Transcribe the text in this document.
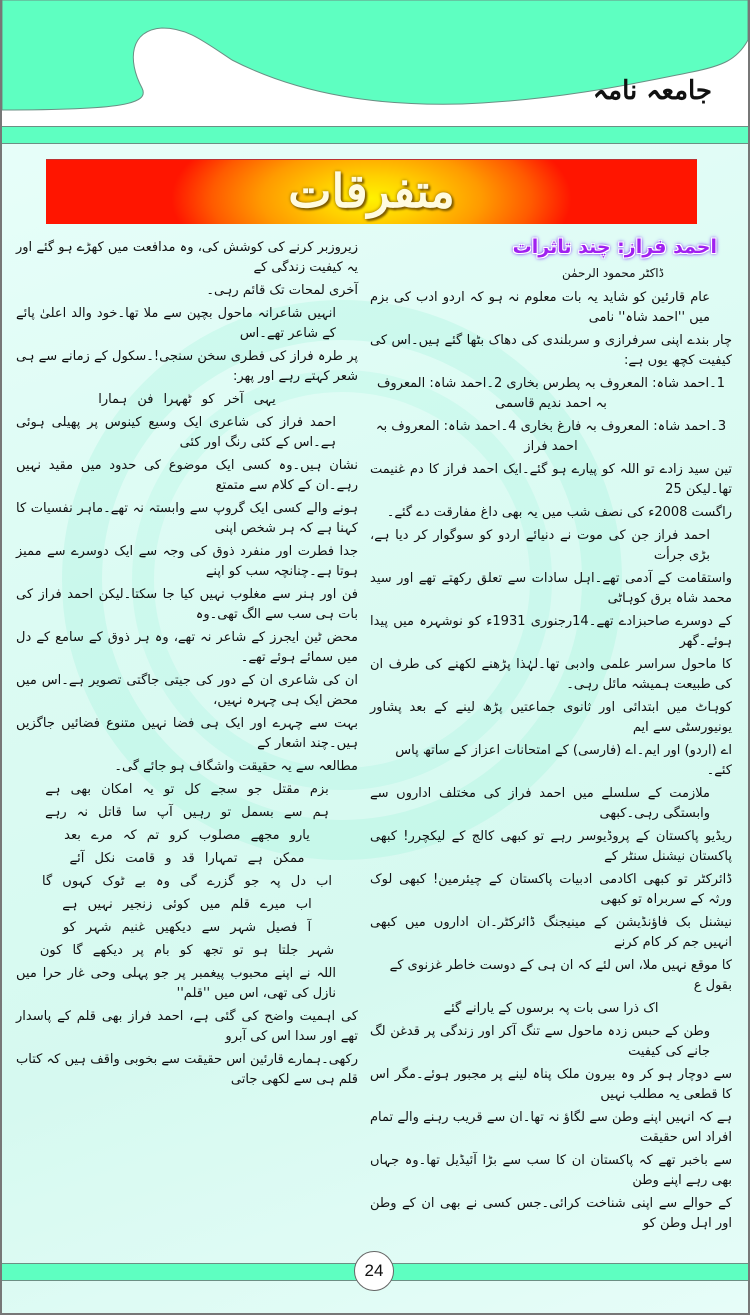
جامعہ نامہ
متفرقات
احمد فراز: چند تاثرات
ڈاکٹر محمود الرحمٰن
عام قارئین کو شاید یہ بات معلوم نہ ہو کہ اردو ادب کی بزم میں ''احمد شاہ'' نامی
چار بندے اپنی سرفرازی و سربلندی کی دھاک بٹھا گئے ہیں۔اس کی کیفیت کچھ یوں ہے:
1۔احمد شاہ: المعروف بہ پطرس بخاری 2۔احمد شاہ: المعروف بہ احمد ندیم قاسمی
3۔احمد شاہ: المعروف بہ فارغ بخاری 4۔احمد شاہ: المعروف بہ احمد فراز
تین سید زادے تو اللہ کو پیارے ہو گئے۔ایک احمد فراز کا دم غنیمت تھا۔لیکن 25
راگست 2008ء کی نصف شب میں یہ بھی داغ مفارقت دے گئے۔
احمد فراز جن کی موت نے دنیائے اردو کو سوگوار کر دیا ہے، بڑی جرأت
واستقامت کے آدمی تھے۔اہل سادات سے تعلق رکھتے تھے اور سید محمد شاہ برق کوہاٹی
کے دوسرے صاحبزادے تھے۔14رجنوری 1931ء کو نوشہرہ میں پیدا ہوئے۔گھر
کا ماحول سراسر علمی وادبی تھا۔لہٰذا پڑھنے لکھنے کی طرف ان کی طبیعت ہمیشہ مائل رہی۔
کوہاٹ میں ابتدائی اور ثانوی جماعتیں پڑھ لینے کے بعد پشاور یونیورسٹی سے ایم
اے (اردو) اور ایم۔اے (فارسی) کے امتحانات اعزاز کے ساتھ پاس کئے۔
ملازمت کے سلسلے میں احمد فراز کی مختلف اداروں سے وابستگی رہی۔کبھی
ریڈیو پاکستان کے پروڈیوسر رہے تو کبھی کالج کے لیکچرر! کبھی پاکستان نیشنل سنٹر کے
ڈائرکٹر تو کبھی اکادمی ادبیات پاکستان کے چیئرمین! کبھی لوک ورثہ کے سربراہ تو کبھی
نیشنل بک فاؤنڈیشن کے مینیجنگ ڈائرکٹر۔ان اداروں میں کبھی انہیں جم کر کام کرنے
کا موقع نہیں ملا، اس لئے کہ ان ہی کے دوست خاطر غزنوی کے بقول ع
اک ذرا سی بات پہ برسوں کے یارانے گئے
وطن کے حبس زدہ ماحول سے تنگ آکر اور زندگی پر قدغن لگ جانے کی کیفیت
سے دوچار ہو کر وہ بیرون ملک پناہ لینے پر مجبور ہوئے۔مگر اس کا قطعی یہ مطلب نہیں
ہے کہ انہیں اپنے وطن سے لگاؤ نہ تھا۔ان سے قریب رہنے والے تمام افراد اس حقیقت
سے باخبر تھے کہ پاکستان ان کا سب سے بڑا آئیڈیل تھا۔وہ جہاں بھی رہے اپنے وطن
کے حوالے سے اپنی شناخت کرائی۔جس کسی نے بھی ان کے وطن اور اہل وطن کو
زیروزبر کرنے کی کوشش کی، وہ مدافعت میں کھڑے ہو گئے اور یہ کیفیت زندگی کے
آخری لمحات تک قائم رہی۔
انہیں شاعرانہ ماحول بچپن سے ملا تھا۔خود والد اعلیٰ پائے کے شاعر تھے۔اس
پر طرہ فراز کی فطری سخن سنجی!۔سکول کے زمانے سے ہی شعر کہتے رہے اور پھر:
یہی آخر کو ٹھہرا فن ہمارا
احمد فراز کی شاعری ایک وسیع کینوس پر پھیلی ہوئی ہے۔اس کے کئی رنگ اور کئی
نشان ہیں۔وہ کسی ایک موضوع کی حدود میں مقید نہیں رہے۔ان کے کلام سے متمتع
ہونے والے کسی ایک گروپ سے وابستہ نہ تھے۔ماہر نفسیات کا کہنا ہے کہ ہر شخص اپنی
جدا فطرت اور منفرد ذوق کی وجہ سے ایک دوسرے سے ممیز ہوتا ہے۔چنانچہ سب کو اپنے
فن اور ہنر سے مغلوب نہیں کیا جا سکتا۔لیکن احمد فراز کی بات ہی سب سے الگ تھی۔وہ
محض ٹین ایجرز کے شاعر نہ تھے، وہ ہر ذوق کے سامع کے دل میں سمائے ہوئے تھے۔
ان کی شاعری ان کے دور کی جیتی جاگتی تصویر ہے۔اس میں محض ایک ہی چہرہ نہیں،
بہت سے چہرے اور ایک ہی فضا نہیں متنوع فضائیں جاگزیں ہیں۔چند اشعار کے
مطالعہ سے یہ حقیقت واشگاف ہو جائے گی۔
بزم مقتل جو سجے کل تو یہ امکان بھی ہے
ہم سے بسمل تو رہیں آپ سا قاتل نہ رہے
یارو مجھے مصلوب کرو تم کہ مرے بعد
ممکن ہے تمہارا قد و قامت نکل آئے
اب دل پہ جو گزرے گی وہ بے ٹوک کہوں گا
اب میرے قلم میں کوئی زنجیر نہیں ہے
آ فصیل شہر سے دیکھیں غنیم شہر کو
شہر جلتا ہو تو تجھ کو بام پر دیکھے گا کون
اللہ نے اپنے محبوب پیغمبر پر جو پہلی وحی غار حرا میں نازل کی تھی، اس میں ''قلم''
کی اہمیت واضح کی گئی ہے، احمد فراز بھی قلم کے پاسدار تھے اور سدا اس کی آبرو
رکھی۔ہمارے قارئین اس حقیقت سے بخوبی واقف ہیں کہ کتاب قلم ہی سے لکھی جاتی
24
